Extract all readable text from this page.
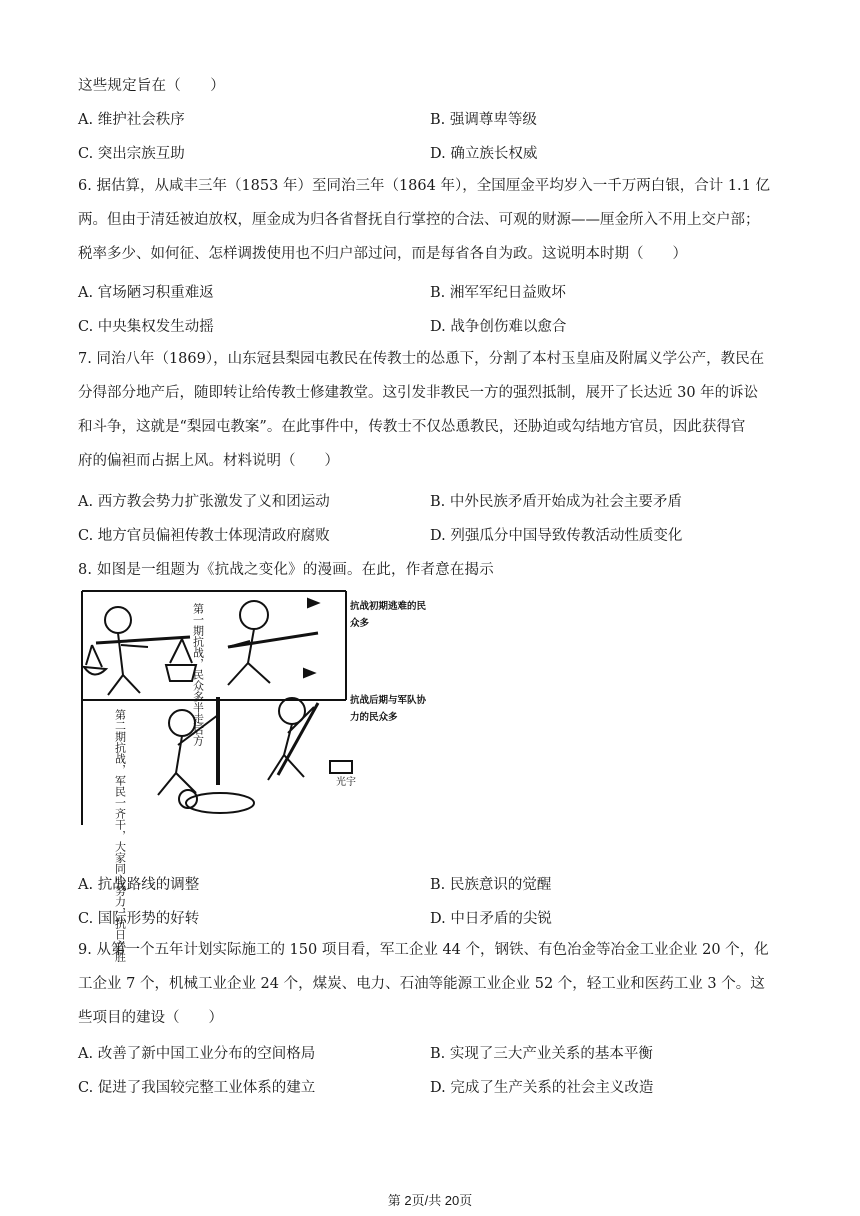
这些规定旨在（　　）
A. 维护社会秩序	B. 强调尊卑等级
C. 突出宗族互助	D. 确立族长权威
6. 据估算，从咸丰三年（1853 年）至同治三年（1864 年），全国厘金平均岁入一千万两白银，合计 1.1 亿
两。但由于清廷被迫放权，厘金成为归各省督抚自行掌控的合法、可观的财源——厘金所入不用上交户部；
税率多少、如何征、怎样调拨使用也不归户部过问，而是每省各自为政。这说明本时期（　　）
A. 官场陋习积重难返	B. 湘军军纪日益败坏
C. 中央集权发生动摇	D. 战争创伤难以愈合
7. 同治八年（1869），山东冠县梨园屯教民在传教士的怂恿下，分割了本村玉皇庙及附属义学公产，教民在
分得部分地产后，随即转让给传教士修建教堂。这引发非教民一方的强烈抵制，展开了长达近 30 年的诉讼
和斗争，这就是“梨园屯教案”。在此事件中，传教士不仅怂恿教民，还胁迫或勾结地方官员，因此获得官
府的偏袒而占据上风。材料说明（　　）
A. 西方教会势力扩张激发了义和团运动	B. 中外民族矛盾开始成为社会主要矛盾
C. 地方官员偏袒传教士体现清政府腐败	D. 列强瓜分中国导致传教活动性质变化
8. 如图是一组题为《抗战之变化》的漫画。在此，作者意在揭示
第一期抗战，民众多半走后方
第二期抗战，军民一齐干，大家同心努力，抗日必胜	光宇
抗战初期逃难的民
众多
抗战后期与军队协
力的民众多
A. 抗战路线的调整	B. 民族意识的觉醒
C. 国际形势的好转	D. 中日矛盾的尖锐
9. 从第一个五年计划实际施工的 150 项目看，军工企业 44 个，钢铁、有色冶金等冶金工业企业 20 个，化
工企业 7 个，机械工业企业 24 个，煤炭、电力、石油等能源工业企业 52 个，轻工业和医药工业 3 个。这
些项目的建设（　　）
A. 改善了新中国工业分布的空间格局	B. 实现了三大产业关系的基本平衡
C. 促进了我国较完整工业体系的建立	D. 完成了生产关系的社会主义改造
第 2页/共 20页
